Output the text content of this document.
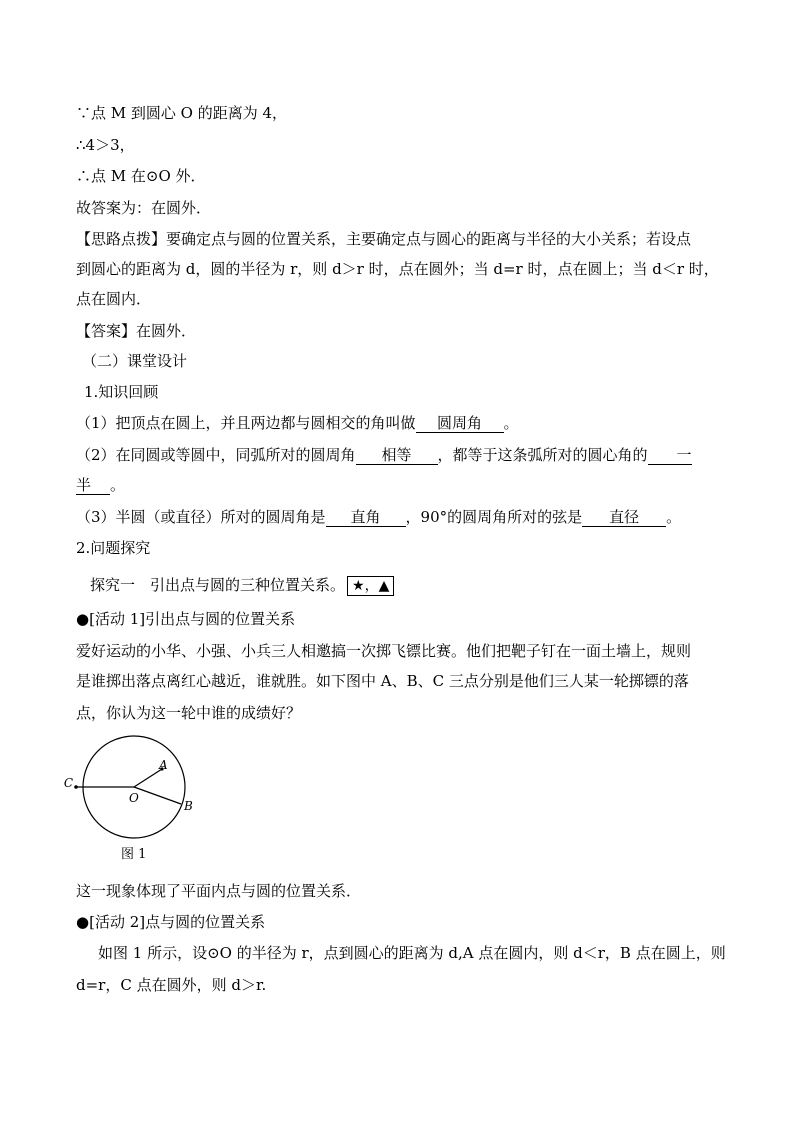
∵点 M 到圆心 O 的距离为 4，
∴4＞3，
∴点 M 在⊙O 外．
故答案为：在圆外．
【思路点拨】要确定点与圆的位置关系，主要确定点与圆心的距离与半径的大小关系；若设点
到圆心的距离为 d，圆的半径为 r，则 d＞r 时，点在圆外；当 d=r 时，点在圆上；当 d＜r 时，
点在圆内．
【答案】在圆外．
（二）课堂设计
1.知识回顾
（1）把顶点在圆上，并且两边都与圆相交的角叫做 圆周角 。
（2）在同圆或等圆中，同弧所对的圆周角 相等 ，都等于这条弧所对的圆心角的 一
半 。
（3）半圆（或直径）所对的圆周角是 直角 ，90°的圆周角所对的弦是 直径 。
2.问题探究
探究一　引出点与圆的三种位置关系。 ★，▲
●[活动 1]引出点与圆的位置关系
爱好运动的小华、小强、小兵三人相邀搞一次掷飞镖比赛。他们把靶子钉在一面土墙上，规则
是谁掷出落点离红心越近，谁就胜。如下图中 A、B、C 三点分别是他们三人某一轮掷镖的落
点，你认为这一轮中谁的成绩好？
C
A
B
O
图 1
这一现象体现了平面内点与圆的位置关系．
●[活动 2]点与圆的位置关系
如图 1 所示，设⊙O 的半径为 r，点到圆心的距离为 d,A 点在圆内，则 d＜r，B 点在圆上，则
d=r，C 点在圆外，则 d＞r.
